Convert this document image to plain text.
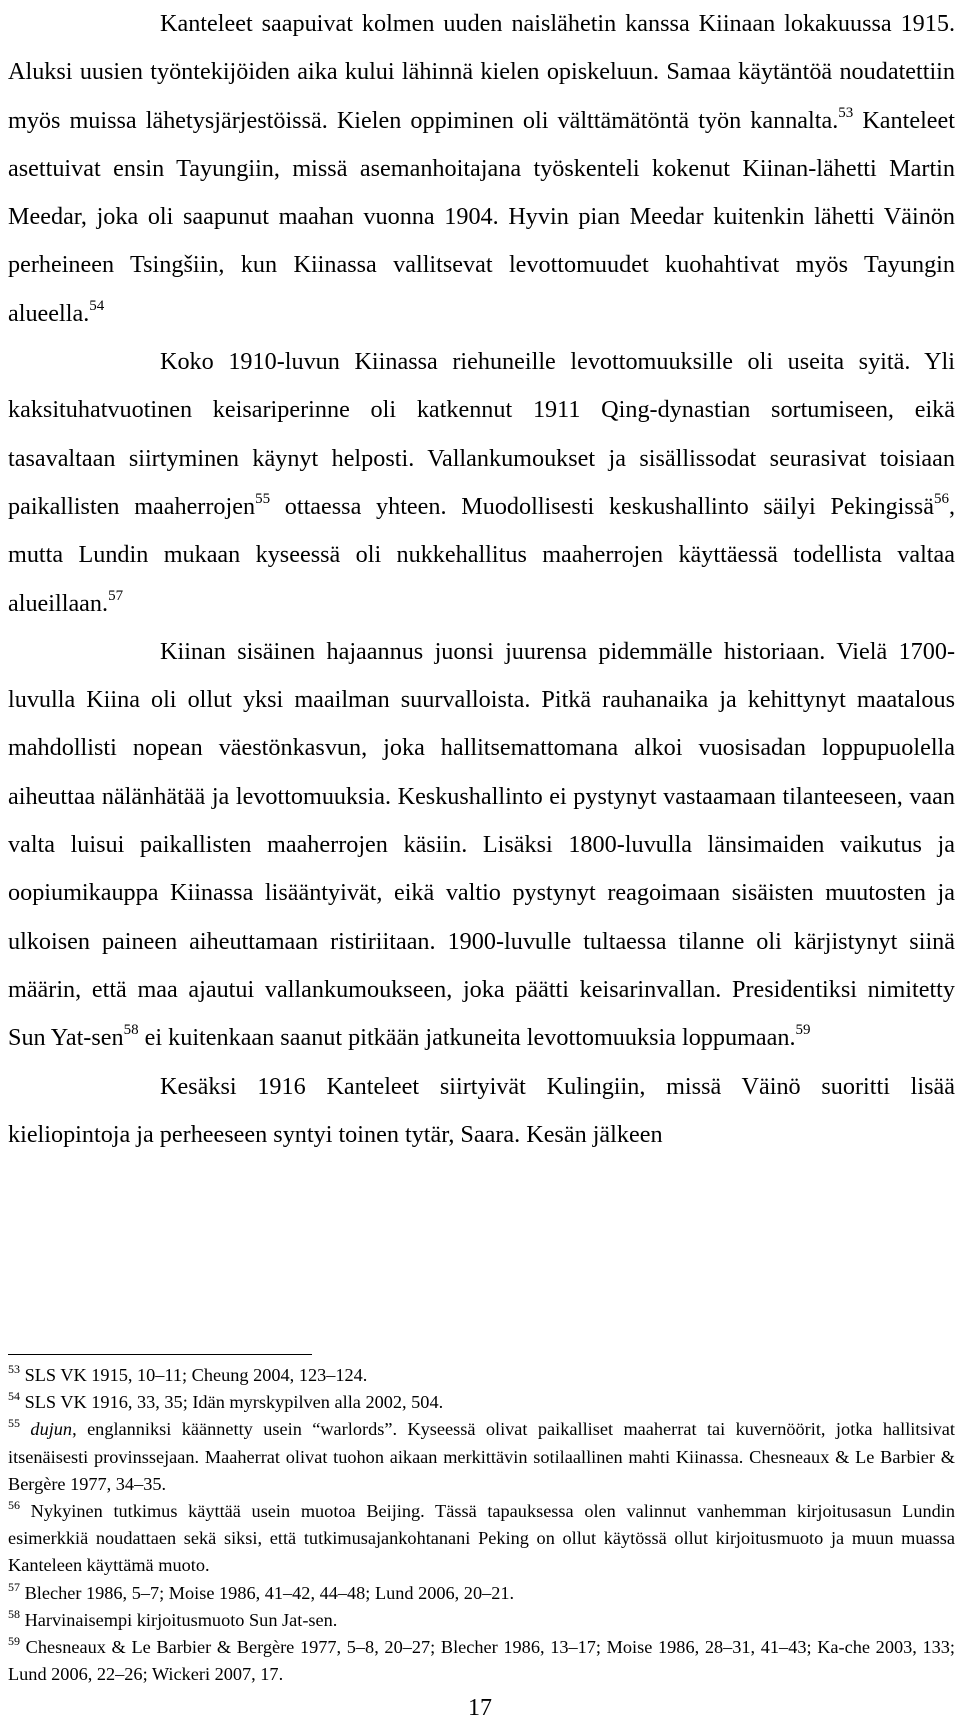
Kanteleet saapuivat kolmen uuden naislähetin kanssa Kiinaan lokakuussa 1915. Aluksi uusien työntekijöiden aika kului lähinnä kielen opiskeluun. Samaa käytäntöä noudatettiin myös muissa lähetysjärjestöissä. Kielen oppiminen oli välttämätöntä työn kannalta.$^{53}$ Kanteleet asettuivat ensin Tayungiin, missä asemanhoitajana työskenteli kokenut Kiinan-lähetti Martin Meedar, joka oli saapunut maahan vuonna 1904. Hyvin pian Meedar kuitenkin lähetti Väinön perheineen Tsingšiin, kun Kiinassa vallitsevat levottomuudet kuohahtivat myös Tayungin alueella.$^{54}$

Koko 1910-luvun Kiinassa riehuneille levottomuuksille oli useita syitä. Yli kaksituhatvuotinen keisariperinne oli katkennut 1911 Qing-dynastian sortumiseen, eikä tasavaltaan siirtyminen käynyt helposti. Vallankumoukset ja sisällissodat seurasivat toisiaan paikallisten maaherrojen$^{55}$ ottaessa yhteen. Muodollisesti keskushallinto säilyi Pekingissä$^{56}$, mutta Lundin mukaan kyseessä oli nukkehallitus maaherrojen käyttäessä todellista valtaa alueillaan.$^{57}$

Kiinan sisäinen hajaannus juonsi juurensa pidemmälle historiaan. Vielä 1700-luvulla Kiina oli ollut yksi maailman suurvalloista. Pitkä rauhanaika ja kehittynyt maatalous mahdollisti nopean väestönkasvun, joka hallitsemattomana alkoi vuosisadan loppupuolella aiheuttaa nälänhätää ja levottomuuksia. Keskushallinto ei pystynyt vastaamaan tilanteeseen, vaan valta luisui paikallisten maaherrojen käsiin. Lisäksi 1800-luvulla länsimaiden vaikutus ja oopiumikauppa Kiinassa lisääntyivät, eikä valtio pystynyt reagoimaan sisäisten muutosten ja ulkoisen paineen aiheuttamaan ristiriitaan. 1900-luvulle tultaessa tilanne oli kärjistynyt siinä määrin, että maa ajautui vallankumoukseen, joka päätti keisarinvallan. Presidentiksi nimitetty Sun Yat-sen$^{58}$ ei kuitenkaan saanut pitkään jatkuneita levottomuuksia loppumaan.$^{59}$

Kesäksi 1916 Kanteleet siirtyivät Kulingiin, missä Väinö suoritti lisää kieliopintoja ja perheeseen syntyi toinen tytär, Saara. Kesän jälkeen

$^{53}$ SLS VK 1915, 10–11; Cheung 2004, 123–124.
$^{54}$ SLS VK 1916, 33, 35; Idän myrskypilven alla 2002, 504.
$^{55}$ dujun, englanniksi käännetty usein “warlords”. Kyseessä olivat paikalliset maaherrat tai kuvernöörit, jotka hallitsivat itsenäisesti provinssejaan. Maaherrat olivat tuohon aikaan merkittävin sotilaallinen mahti Kiinassa. Chesneaux & Le Barbier & Bergère 1977, 34–35.
$^{56}$ Nykyinen tutkimus käyttää usein muotoa Beijing. Tässä tapauksessa olen valinnut vanhemman kirjoitusasun Lundin esimerkkiä noudattaen sekä siksi, että tutkimusajankohtanani Peking on ollut käytössä ollut kirjoitusmuoto ja muun muassa Kanteleen käyttämä muoto.
$^{57}$ Blecher 1986, 5–7; Moise 1986, 41–42, 44–48; Lund 2006, 20–21.
$^{58}$ Harvinaisempi kirjoitusmuoto Sun Jat-sen.
$^{59}$ Chesneaux & Le Barbier & Bergère 1977, 5–8, 20–27; Blecher 1986, 13–17; Moise 1986, 28–31, 41–43; Ka-che 2003, 133; Lund 2006, 22–26; Wickeri 2007, 17.
17
